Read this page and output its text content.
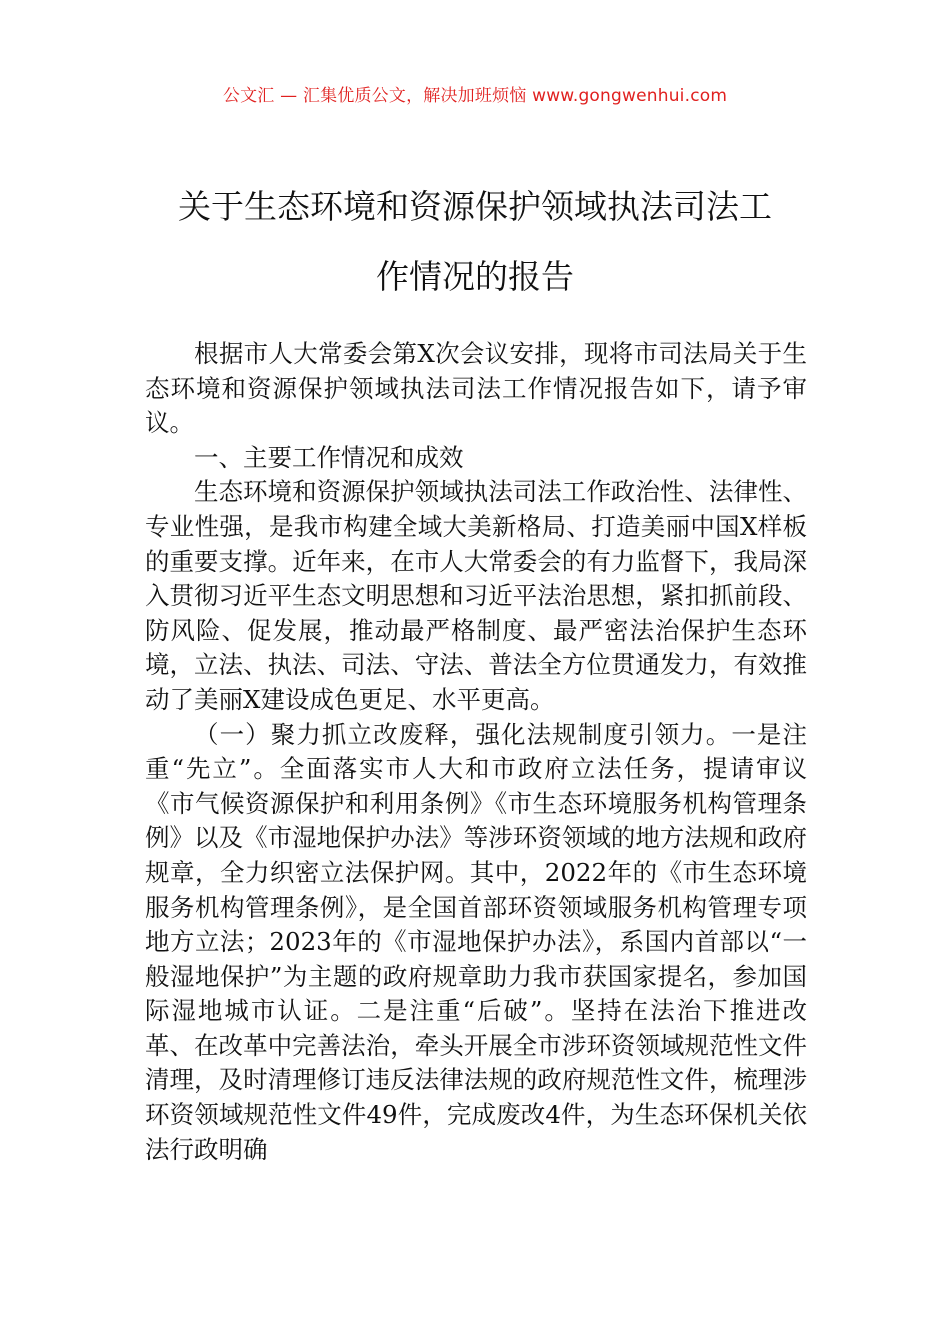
公文汇 — 汇集优质公文，解决加班烦恼 www.gongwenhui.com
关于生态环境和资源保护领域执法司法工
作情况的报告

根据市人大常委会第X次会议安排，现将市司法局关于生态环境和资源保护领域执法司法工作情况报告如下，请予审议。

一、主要工作情况和成效

生态环境和资源保护领域执法司法工作政治性、法律性、专业性强，是我市构建全域大美新格局、打造美丽中国X样板的重要支撑。近年来，在市人大常委会的有力监督下，我局深入贯彻习近平生态文明思想和习近平法治思想，紧扣抓前段、防风险、促发展，推动最严格制度、最严密法治保护生态环境，立法、执法、司法、守法、普法全方位贯通发力，有效推动了美丽X建设成色更足、水平更高。

（一）聚力抓立改废释，强化法规制度引领力。一是注重“先立”。全面落实市人大和市政府立法任务，提请审议《市气候资源保护和利用条例》《市生态环境服务机构管理条例》以及《市湿地保护办法》等涉环资领域的地方法规和政府规章，全力织密立法保护网。其中，2022年的《市生态环境服务机构管理条例》，是全国首部环资领域服务机构管理专项地方立法；2023年的《市湿地保护办法》，系国内首部以“一般湿地保护”为主题的政府规章助力我市获国家提名，参加国际湿地城市认证。二是注重“后破”。坚持在法治下推进改革、在改革中完善法治，牵头开展全市涉环资领域规范性文件清理，及时清理修订违反法律法规的政府规范性文件，梳理涉环资领域规范性文件49件，完成废改4件，为生态环保机关依法行政明确
